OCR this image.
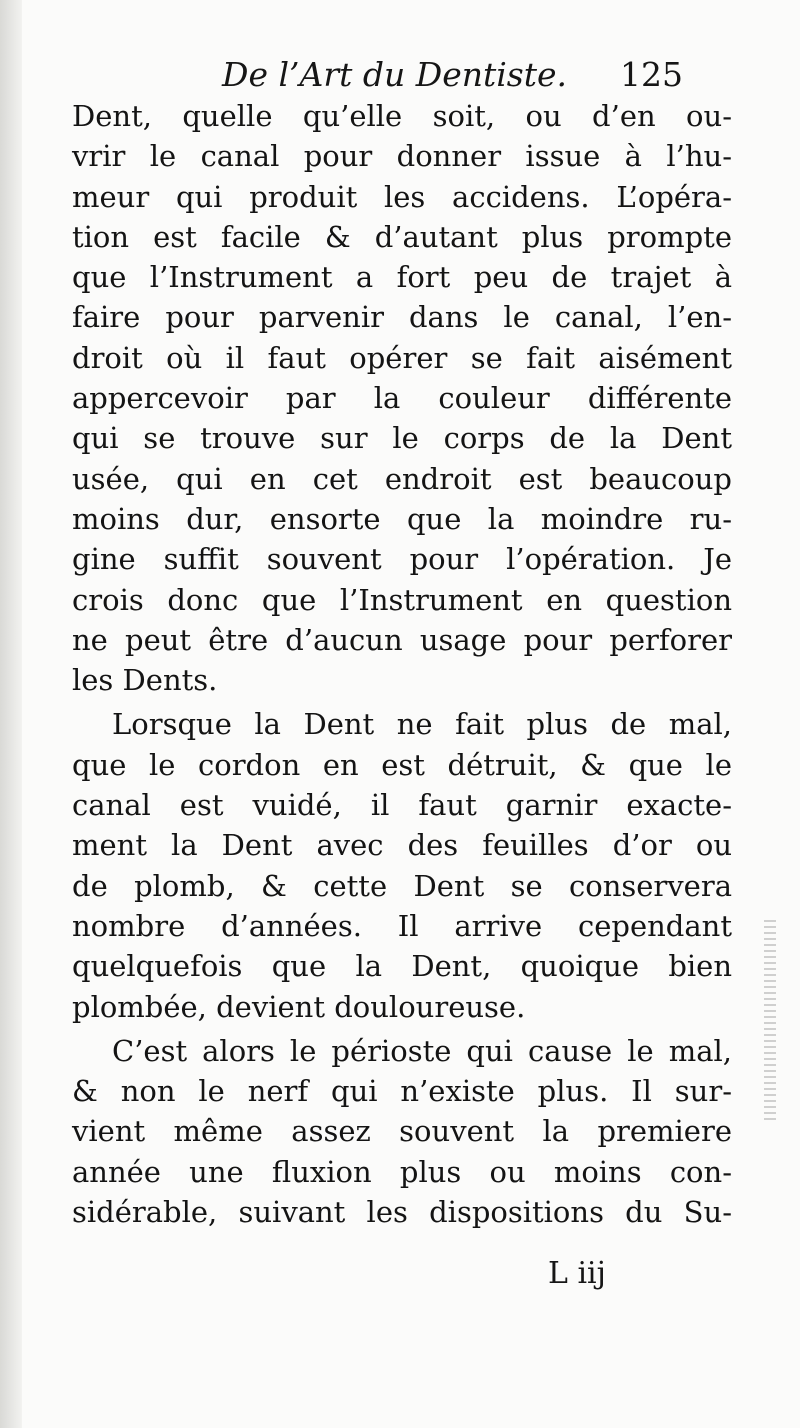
De l’Art du Dentiste. 125
Dent, quelle qu’elle soit, ou d’en ou-
vrir le canal pour donner issue à l’hu-
meur qui produit les accidens. L’opéra-
tion est facile & d’autant plus prompte
que l’Instrument a fort peu de trajet à
faire pour parvenir dans le canal, l’en-
droit où il faut opérer se fait aisément
appercevoir par la couleur différente
qui se trouve sur le corps de la Dent
usée, qui en cet endroit est beaucoup
moins dur, ensorte que la moindre ru-
gine suffit souvent pour l’opération. Je
crois donc que l’Instrument en question
ne peut être d’aucun usage pour perforer
les Dents.
Lorsque la Dent ne fait plus de mal,
que le cordon en est détruit, & que le
canal est vuidé, il faut garnir exacte-
ment la Dent avec des feuilles d’or ou
de plomb, & cette Dent se conservera
nombre d’années. Il arrive cependant
quelquefois que la Dent, quoique bien
plombée, devient douloureuse.
C’est alors le périoste qui cause le mal,
& non le nerf qui n’existe plus. Il sur-
vient même assez souvent la premiere
année une fluxion plus ou moins con-
sidérable, suivant les dispositions du Su-
L iij
